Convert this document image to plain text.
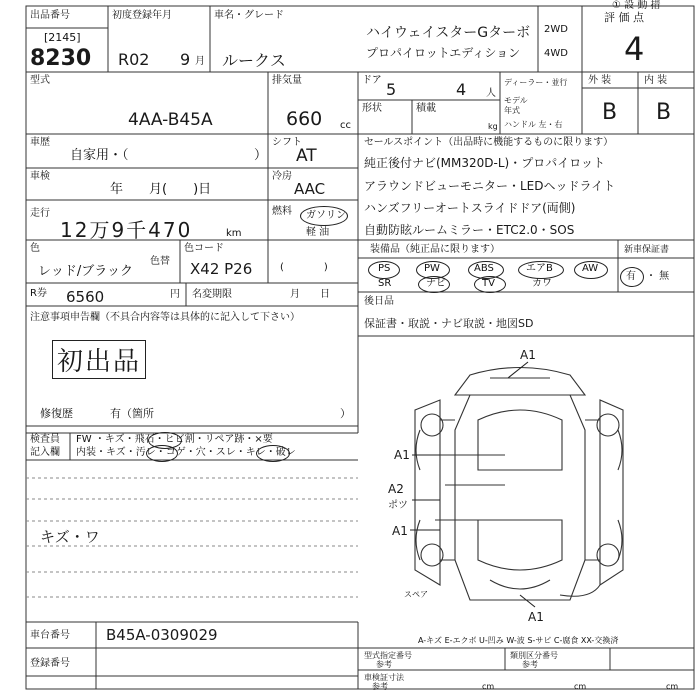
出品番号
[2145]
8230
初度登録年月
R02 9 月
車名・グレード
ルークス
ハイウェイスターGターボ
プロパイロットエディション
2WD
4WD
① 設 動 措
評 価 点
4
外 装	内 装
B B
型式
4AA-B45A
排気量
660 cc
ドア 5	4 人
形状	積載
kg
ディーラー・並行
モデル年式
ハンドル 左・右
車歴
自家用・（	）
車検
年　　月(　　)日
走行
12万9千470	km
色
レッド/ブラック
色替
色コード
X42 P26
シフト
AT
冷房
AAC
燃料 ガソリン
軽 油
(　　　　)
R券 6560	円 名変期限	月　　日
セールスポイント（出品時に機能するものに限ります）
純正後付ナビ(MM320D-L)・プロパイロット
アラウンドビューモニター・LEDヘッドライト
ハンズフリーオートスライドドア(両側)
自動防眩ルームミラー・ETC2.0・SOS
装備品（純正品に限ります）	新車保証書
PS	PW	ABS	エアB	AW
SR	ナビ	TV	カワ
有 ・ 無
後日品
保証書・取説・ナビ取説・地図SD
注意事項申告欄（不具合内容等は具体的に記入して下さい）
初出品
修復歴	有（箇所	）
検査員
記入欄
FW ・キズ・飛石・ヒビ割・リペア跡・×要
内装・キズ・汚レ・コゲ・穴・スレ・キレ・破レ
キズ・ワ
A1
A1
A2
ポツ
A1
A1
スペア
A-キズ E-エクボ U-凹み W-波 S-サビ C-腐食 XX-交換済
車台番号 B45A-0309029
登録番号
型式指定番号
参考
類別区分番号
参考
車検証寸法
参考	cm	cm	cm
